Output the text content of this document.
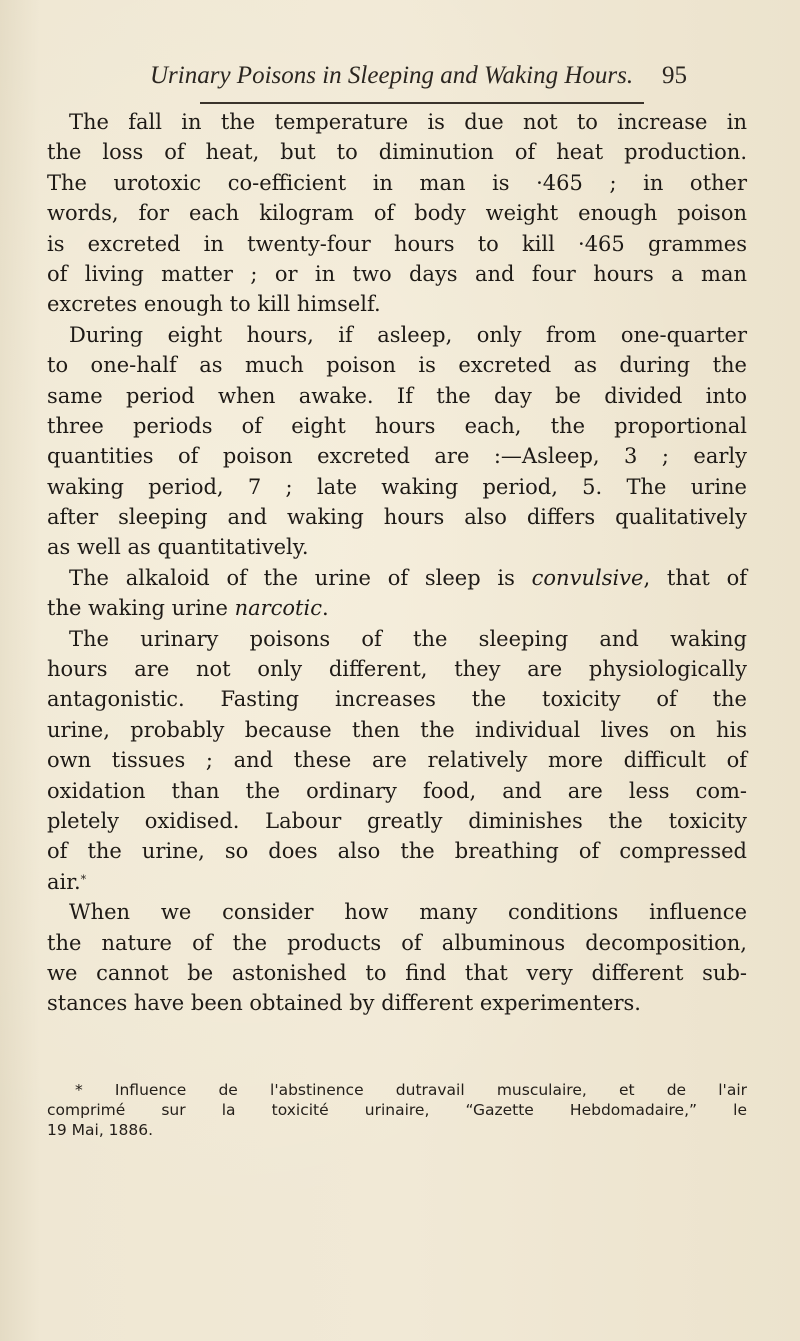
Urinary Poisons in Sleeping and Waking Hours. 95
The fall in the temperature is due not to increase in
the loss of heat, but to diminution of heat production.
The urotoxic co-efficient in man is ·465 ; in other
words, for each kilogram of body weight enough poison
is excreted in twenty-four hours to kill ·465 grammes
of living matter ; or in two days and four hours a man
excretes enough to kill himself.
During eight hours, if asleep, only from one-quarter
to one-half as much poison is excreted as during the
same period when awake. If the day be divided into
three periods of eight hours each, the proportional
quantities of poison excreted are :—Asleep, 3 ; early
waking period, 7 ; late waking period, 5. The urine
after sleeping and waking hours also differs qualitatively
as well as quantitatively.
The alkaloid of the urine of sleep is convulsive, that of
the waking urine narcotic.
The urinary poisons of the sleeping and waking
hours are not only different, they are physiologically
antagonistic. Fasting increases the toxicity of the
urine, probably because then the individual lives on his
own tissues ; and these are relatively more difficult of
oxidation than the ordinary food, and are less com-
pletely oxidised. Labour greatly diminishes the toxicity
of the urine, so does also the breathing of compressed
air.*
When we consider how many conditions influence
the nature of the products of albuminous decomposition,
we cannot be astonished to find that very different sub-
stances have been obtained by different experimenters.
* Influence de l'abstinence dutravail musculaire, et de l'air
comprimé sur la toxicité urinaire, “Gazette Hebdomadaire,” le
19 Mai, 1886.
